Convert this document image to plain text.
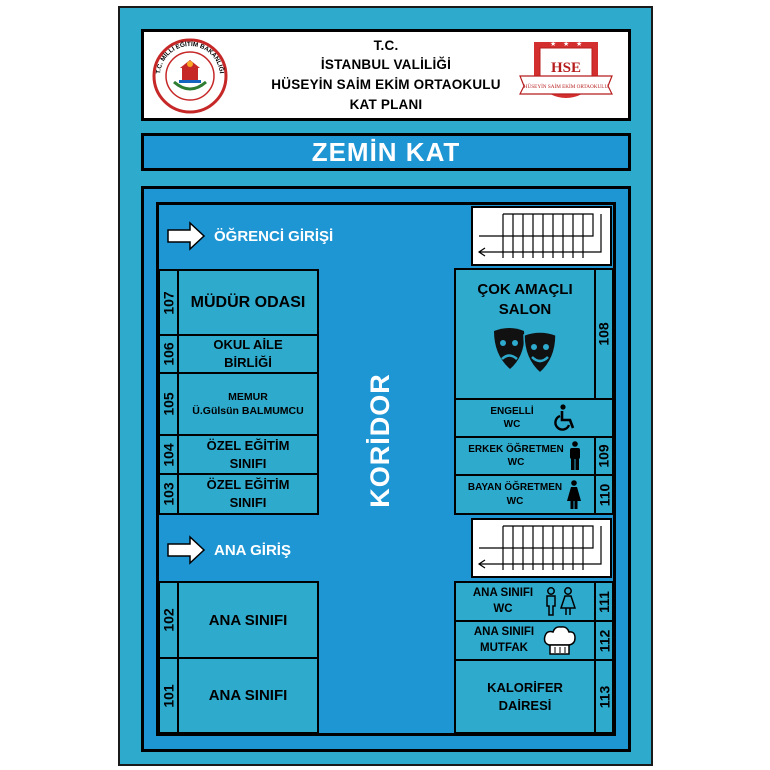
T.C. MİLLİ EĞİTİM BAKANLIĞI
T.C.
İSTANBUL VALİLİĞİ
HÜSEYİN SAİM EKİM ORTAOKULU
KAT PLANI
★ ★ ★
HSE
HÜSEYİN SAİM EKİM ORTAOKULU
ZEMİN KAT
ÖĞRENCİ GİRİŞİ
ANA GİRİŞ
KORİDOR
107 MÜDÜR ODASI
106	OKUL AİLE
BİRLİĞİ
105	MEMUR
Ü.Gülsün BALMUMCU
104 ÖZEL EĞİTİM
SINIFI
103 ÖZEL EĞİTİM
SINIFI
102 ANA SINIFI
101 ANA SINIFI
ÇOK AMAÇLI
SALON
108
ENGELLİ
WC
ERKEK ÖĞRETMEN
WC	109
BAYAN ÖĞRETMEN
WC	110
ANA SINIFI
WC	111
ANA SINIFI
MUTFAK	112
KALORİFER
DAİRESİ	113
